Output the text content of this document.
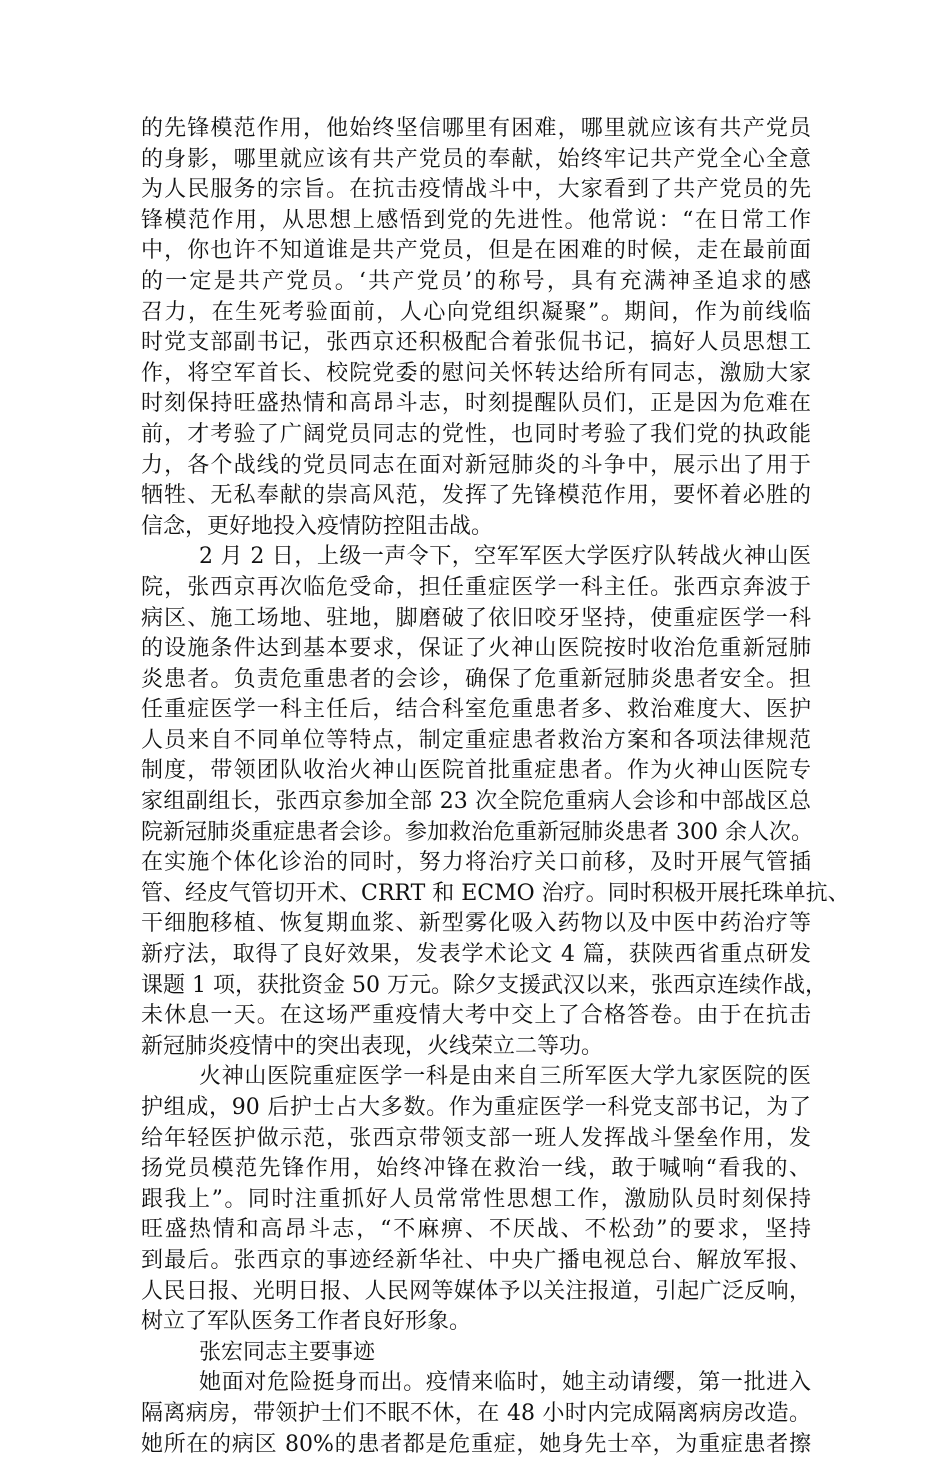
的先锋模范作用，他始终坚信哪里有困难，哪里就应该有共产党员
的身影，哪里就应该有共产党员的奉献，始终牢记共产党全心全意
为人民服务的宗旨。在抗击疫情战斗中，大家看到了共产党员的先
锋模范作用，从思想上感悟到党的先进性。他常说：“在日常工作
中，你也许不知道谁是共产党员，但是在困难的时候，走在最前面
的一定是共产党员。‘共产党员’的称号，具有充满神圣追求的感
召力，在生死考验面前，人心向党组织凝聚”。期间，作为前线临
时党支部副书记，张西京还积极配合着张侃书记，搞好人员思想工
作，将空军首长、校院党委的慰问关怀转达给所有同志，激励大家
时刻保持旺盛热情和高昂斗志，时刻提醒队员们，正是因为危难在
前，才考验了广阔党员同志的党性，也同时考验了我们党的执政能
力，各个战线的党员同志在面对新冠肺炎的斗争中，展示出了用于
牺牲、无私奉献的崇高风范，发挥了先锋模范作用，要怀着必胜的
信念，更好地投入疫情防控阻击战。
2 月 2 日，上级一声令下，空军军医大学医疗队转战火神山医
院，张西京再次临危受命，担任重症医学一科主任。张西京奔波于
病区、施工场地、驻地，脚磨破了依旧咬牙坚持，使重症医学一科
的设施条件达到基本要求，保证了火神山医院按时收治危重新冠肺
炎患者。负责危重患者的会诊，确保了危重新冠肺炎患者安全。担
任重症医学一科主任后，结合科室危重患者多、救治难度大、医护
人员来自不同单位等特点，制定重症患者救治方案和各项法律规范
制度，带领团队收治火神山医院首批重症患者。作为火神山医院专
家组副组长，张西京参加全部 23 次全院危重病人会诊和中部战区总
院新冠肺炎重症患者会诊。参加救治危重新冠肺炎患者 300 余人次。
在实施个体化诊治的同时，努力将治疗关口前移，及时开展气管插
管、经皮气管切开术、CRRT 和 ECMO 治疗。同时积极开展托珠单抗、
干细胞移植、恢复期血浆、新型雾化吸入药物以及中医中药治疗等
新疗法，取得了良好效果，发表学术论文 4 篇，获陕西省重点研发
课题 1 项，获批资金 50 万元。除夕支援武汉以来，张西京连续作战，
未休息一天。在这场严重疫情大考中交上了合格答卷。由于在抗击
新冠肺炎疫情中的突出表现，火线荣立二等功。
火神山医院重症医学一科是由来自三所军医大学九家医院的医
护组成，90 后护士占大多数。作为重症医学一科党支部书记，为了
给年轻医护做示范，张西京带领支部一班人发挥战斗堡垒作用，发
扬党员模范先锋作用，始终冲锋在救治一线，敢于喊响“看我的、
跟我上”。同时注重抓好人员常常性思想工作，激励队员时刻保持
旺盛热情和高昂斗志，“不麻痹、不厌战、不松劲”的要求，坚持
到最后。张西京的事迹经新华社、中央广播电视总台、解放军报、
人民日报、光明日报、人民网等媒体予以关注报道，引起广泛反响，
树立了军队医务工作者良好形象。
张宏同志主要事迹
她面对危险挺身而出。疫情来临时，她主动请缨，第一批进入
隔离病房，带领护士们不眠不休，在 48 小时内完成隔离病房改造。
她所在的病区 80%的患者都是危重症，她身先士卒，为重症患者擦
